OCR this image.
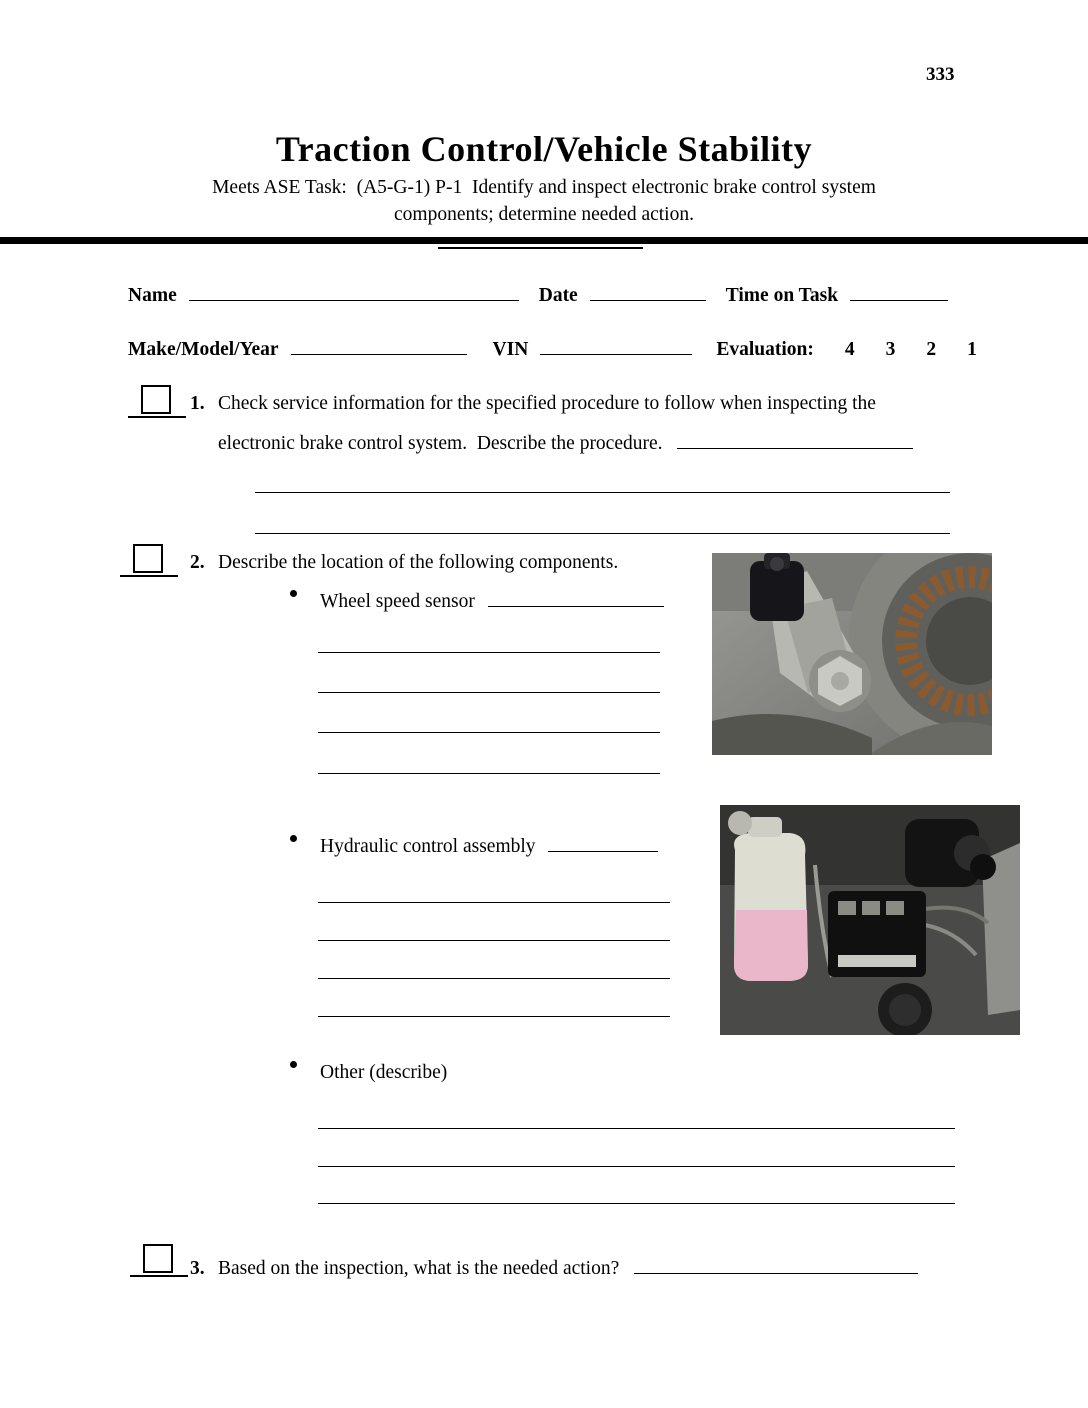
333
Traction Control/Vehicle Stability
Meets ASE Task:  (A5-G-1) P-1  Identify and inspect electronic brake control system
components; determine needed action.
Name	Date	Time on Task
Make/Model/Year	VIN	Evaluation: 4 3 2 1
1. Check service information for the specified procedure to follow when inspecting the
electronic brake control system.  Describe the procedure.
2. Describe the location of the following components.
Wheel speed sensor
Hydraulic control assembly
Other (describe)
3. Based on the inspection, what is the needed action?
